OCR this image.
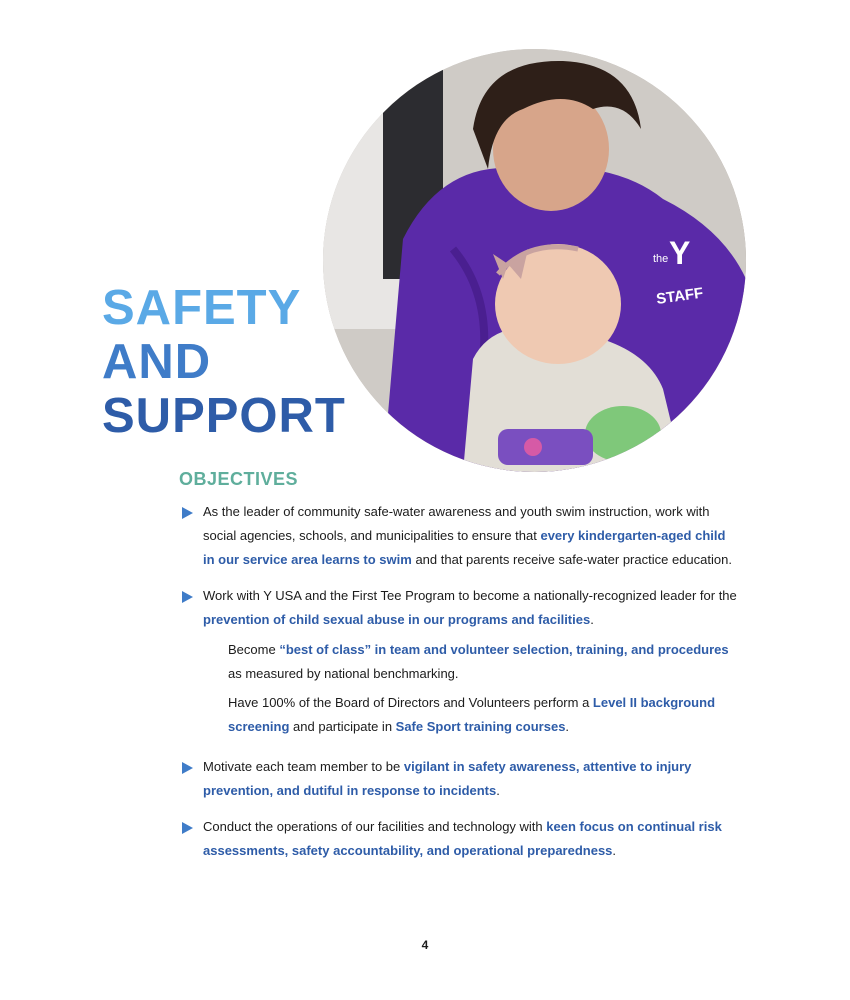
the Y
STAFF
SAFETY
AND
SUPPORT
OBJECTIVES

As the leader of community safe-water awareness and youth swim instruction, work with social agencies, schools, and municipalities to ensure that every kindergarten-aged child in our service area learns to swim and that parents receive safe-water practice education.

Work with Y USA and the First Tee Program to become a nationally-recognized leader for the prevention of child sexual abuse in our programs and facilities.

Become “best of class” in team and volunteer selection, training, and procedures as measured by national benchmarking.

Have 100% of the Board of Directors and Volunteers perform a Level II background screening and participate in Safe Sport training courses.

Motivate each team member to be vigilant in safety awareness, attentive to injury prevention, and dutiful in response to incidents.

Conduct the operations of our facilities and technology with keen focus on continual risk assessments, safety accountability, and operational preparedness.

4
